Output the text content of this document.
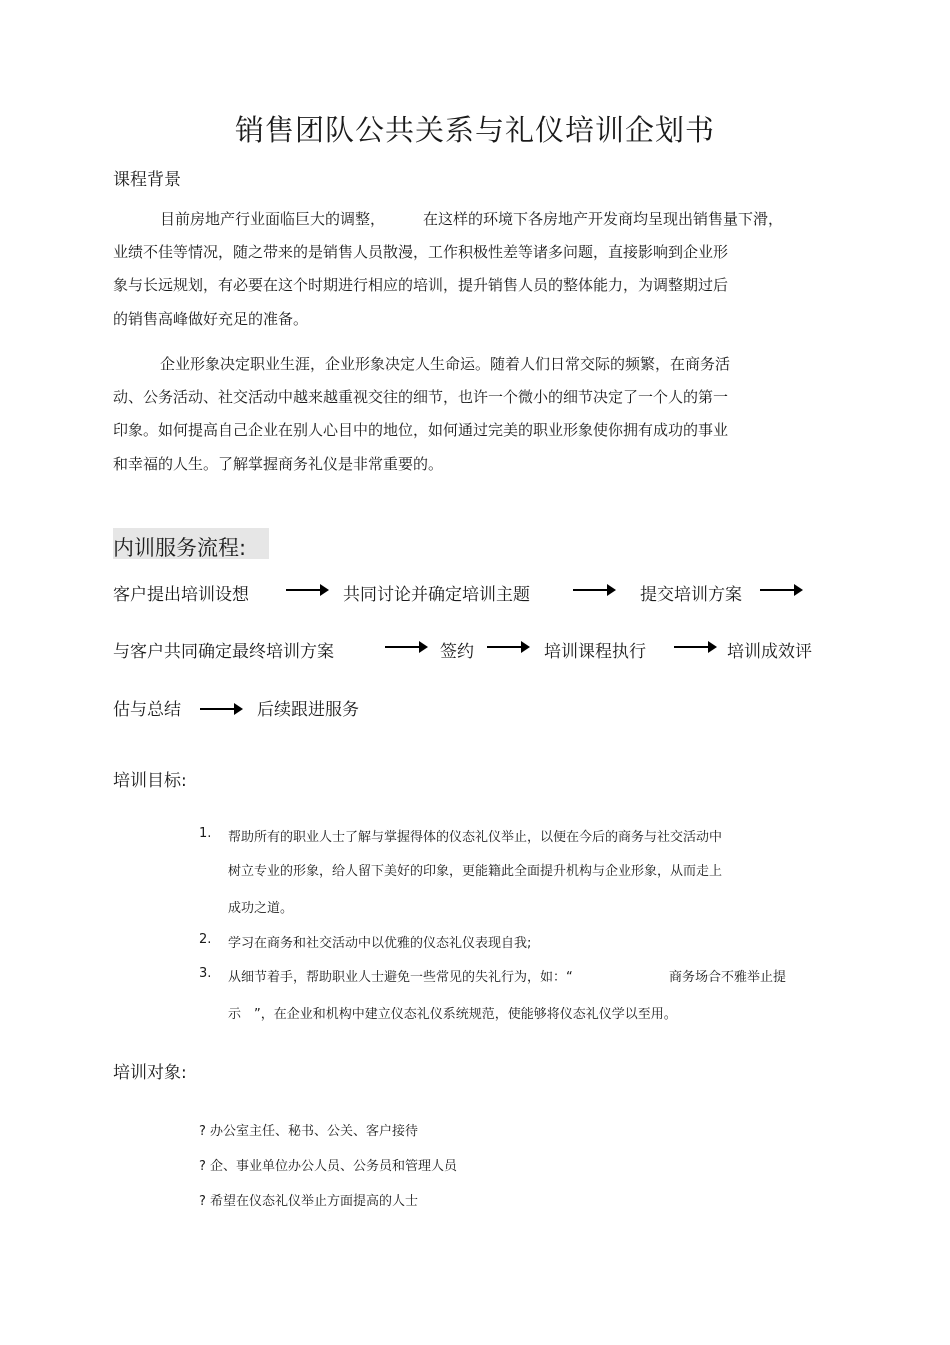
销售团队公共关系与礼仪培训企划书
课程背景
目前房地产行业面临巨大的调整，	在这样的环境下各房地产开发商均呈现出销售量下滑，
业绩不佳等情况，随之带来的是销售人员散漫，工作积极性差等诸多问题，直接影响到企业形
象与长远规划，有必要在这个时期进行相应的培训，提升销售人员的整体能力，为调整期过后
的销售高峰做好充足的准备。
企业形象决定职业生涯，企业形象决定人生命运。随着人们日常交际的频繁，在商务活
动、公务活动、社交活动中越来越重视交往的细节，也许一个微小的细节决定了一个人的第一
印象。如何提高自己企业在别人心目中的地位，如何通过完美的职业形象使你拥有成功的事业
和幸福的人生。了解掌握商务礼仪是非常重要的。
内训服务流程:
客户提出培训设想	共同讨论并确定培训主题	提交培训方案
与客户共同确定最终培训方案	签约	培训课程执行	培训成效评
估与总结	后续跟进服务
培训目标:
1. 帮助所有的职业人士了解与掌握得体的仪态礼仪举止，以便在今后的商务与社交活动中
树立专业的形象，给人留下美好的印象，更能籍此全面提升机构与企业形象，从而走上
成功之道。
2. 学习在商务和社交活动中以优雅的仪态礼仪表现自我;
3. 从细节着手，帮助职业人士避免一些常见的失礼行为，如：“	商务场合不雅举止提
示　”，在企业和机构中建立仪态礼仪系统规范，使能够将仪态礼仪学以至用。
培训对象:
? 办公室主任、秘书、公关、客户接待
? 企、事业单位办公人员、公务员和管理人员
? 希望在仪态礼仪举止方面提高的人士
